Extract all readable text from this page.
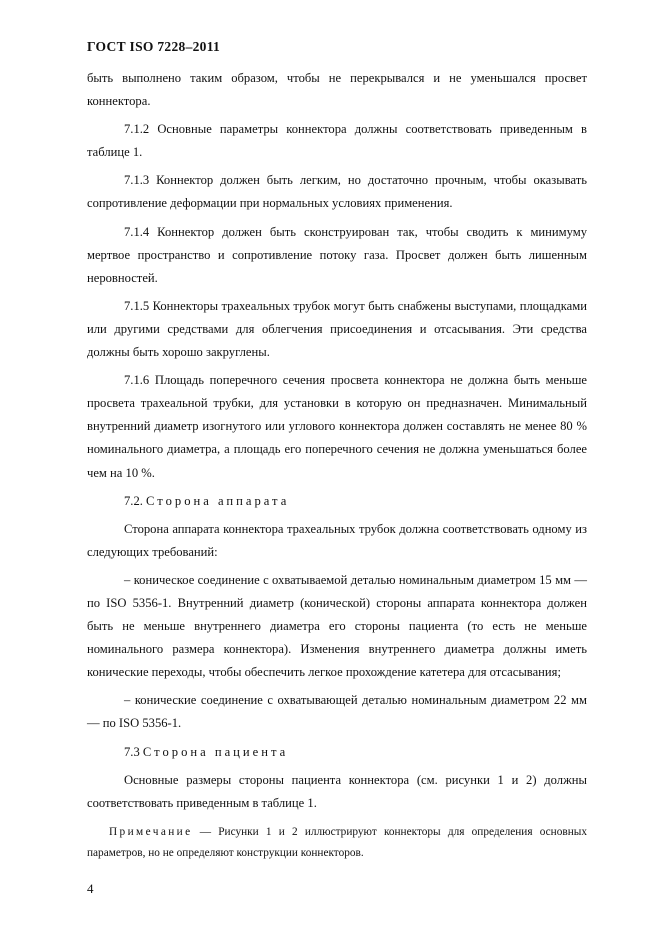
ГОСТ ISO 7228–2011

быть выполнено таким образом, чтобы не перекрывался и не уменьшался просвет коннектора.

7.1.2 Основные параметры коннектора должны соответствовать приведенным в таблице 1.

7.1.3 Коннектор должен быть легким, но достаточно прочным, чтобы оказывать сопротивление деформации при нормальных условиях применения.

7.1.4 Коннектор должен быть сконструирован так, чтобы сводить к минимуму мертвое пространство и сопротивление потоку газа. Просвет должен быть лишенным неровностей.

7.1.5 Коннекторы трахеальных трубок могут быть снабжены выступами, площадками или другими средствами для облегчения присоединения и отсасывания. Эти средства должны быть хорошо закруглены.

7.1.6 Площадь поперечного сечения просвета коннектора не должна быть меньше просвета трахеальной трубки, для установки в которую он предназначен. Минимальный внутренний диаметр изогнутого или углового коннектора должен составлять не менее 80 % номинального диаметра, а площадь его поперечного сечения не должна уменьшаться более чем на 10 %.

7.2. Сторона аппарата

Сторона аппарата коннектора трахеальных трубок должна соответствовать одному из следующих требований:

– коническое соединение с охватываемой деталью номинальным диаметром 15 мм — по ISO 5356-1. Внутренний диаметр (конической) стороны аппарата коннектора должен быть не меньше внутреннего диаметра его стороны пациента (то есть не меньше номинального размера коннектора). Изменения внутреннего диаметра должны иметь конические переходы, чтобы обеспечить легкое прохождение катетера для отсасывания;

– конические соединение с охватывающей деталью номинальным диаметром 22 мм — по ISO 5356-1.

7.3 Сторона пациента

Основные размеры стороны пациента коннектора (см. рисунки 1 и 2) должны соответствовать приведенным в таблице 1.

Примечание — Рисунки 1 и 2 иллюстрируют коннекторы для определения основных параметров, но не определяют конструкции коннекторов.

4
